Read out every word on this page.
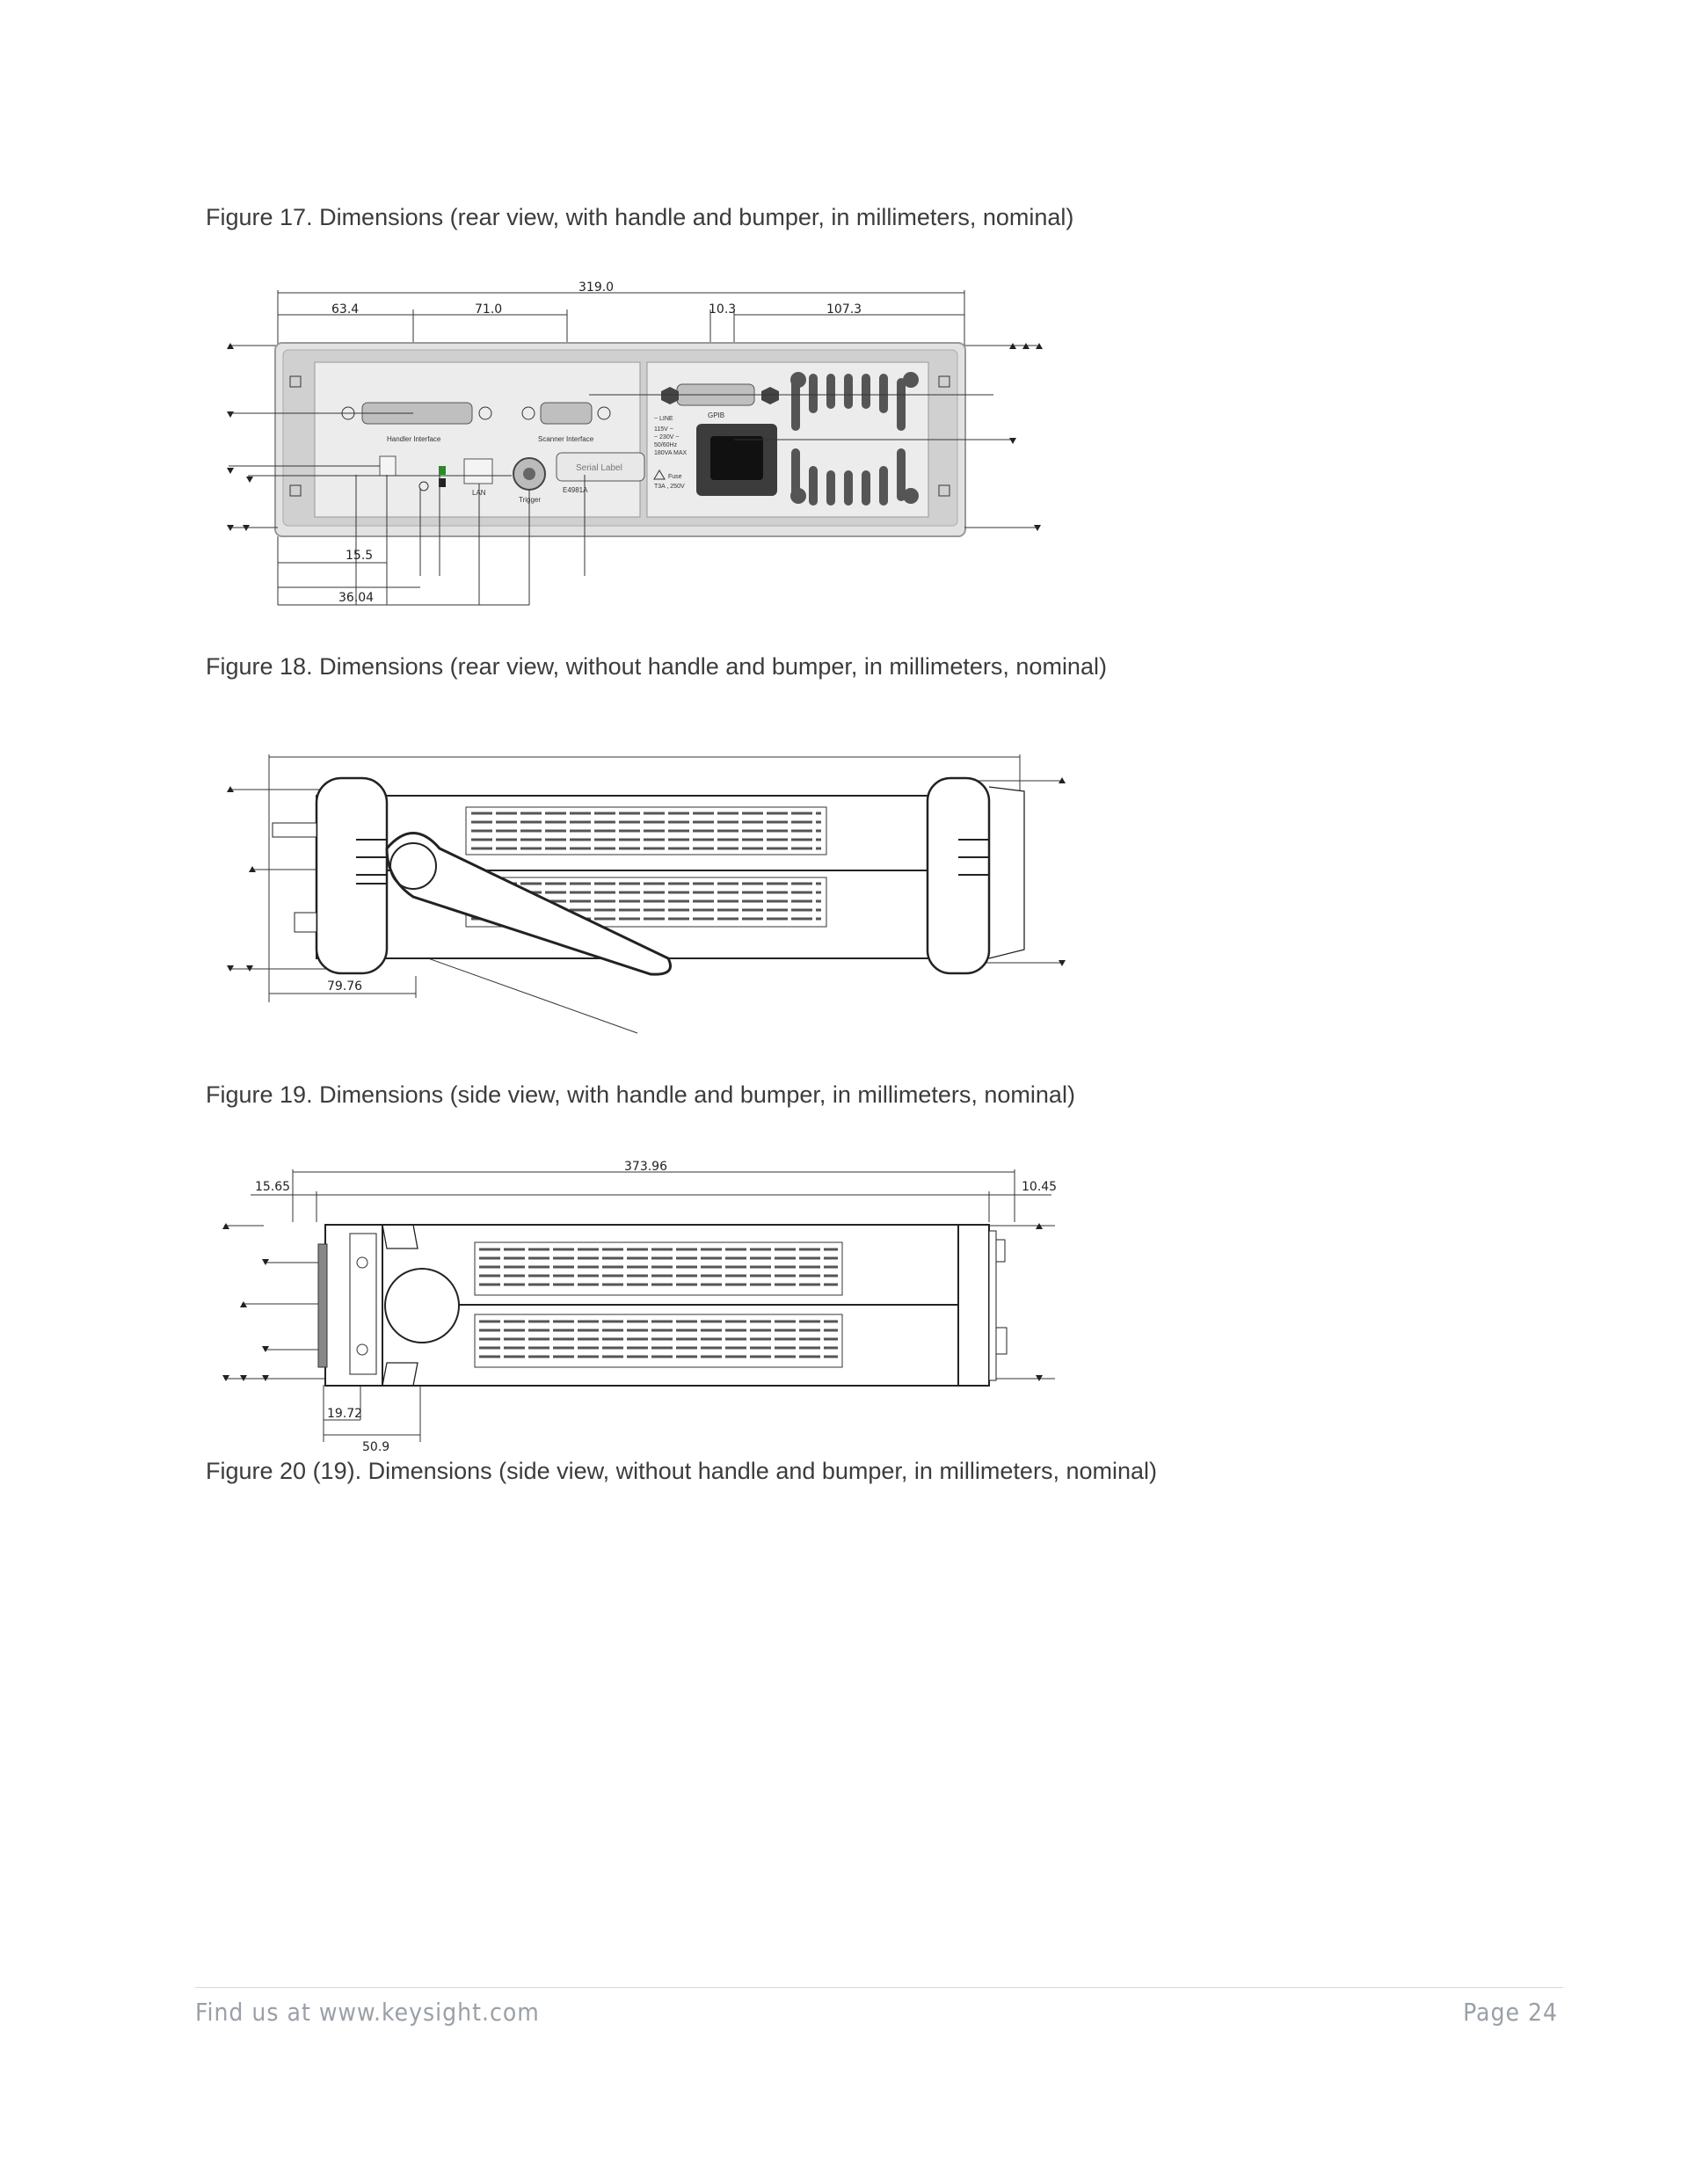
Figure 17. Dimensions (rear view, with handle and bumper, in millimeters, nominal)
Figure 18. Dimensions (rear view, without handle and bumper, in millimeters, nominal)
Figure 19. Dimensions (side view, with handle and bumper, in millimeters, nominal)
Figure 20 (19). Dimensions (side view, without handle and bumper, in millimeters, nominal)
319.0
63.4	71.0	10.3	107.3
Handler Interface	Scanner Interface
GPIB
~ LINE
115V ~
~ 230V ~
50/60Hz
180VA MAX
Fuse
T3A , 250V
LAN
Trigger
Serial Label
E4981A
15.5
36.04
79.76
373.96
15.65	10.45
19.72
50.9
Find us at www.keysight.com	Page 24
